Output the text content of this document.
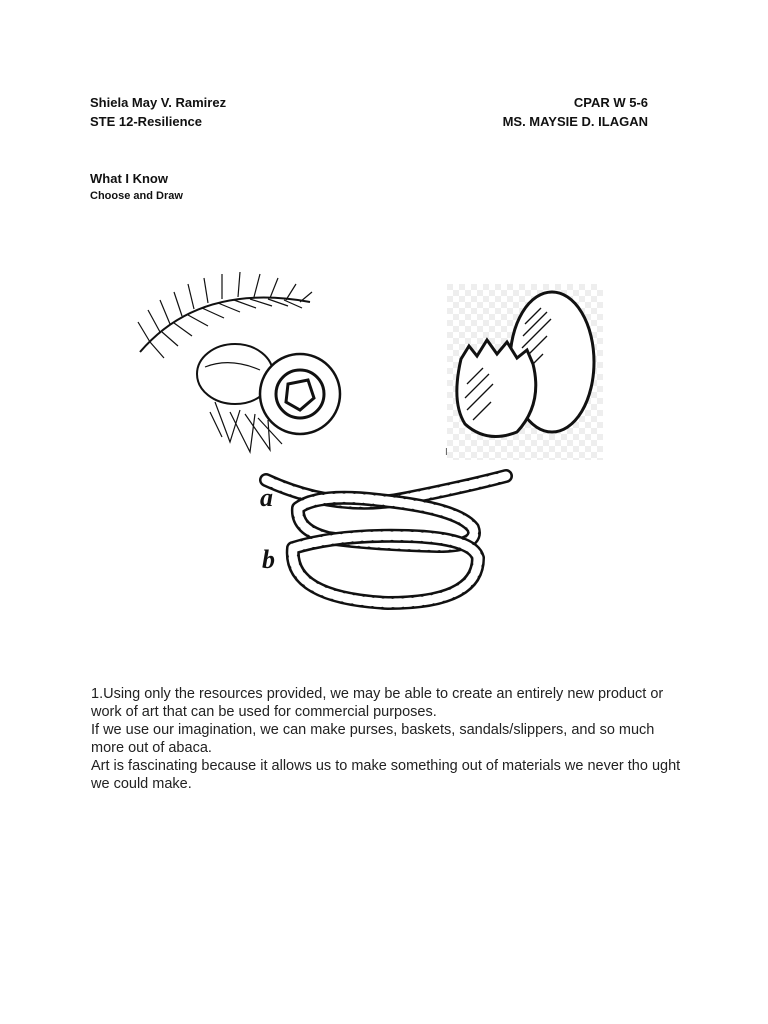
Shiela May V. Ramirez
STE 12-Resilience
CPAR W 5-6
MS. MAYSIE D. ILAGAN
What I Know
Choose and Draw
I
a
b

1.Using only the resources provided, we may be able to create an entirely new product or work of art that can be used for commercial purposes.

If we use our imagination, we can make purses, baskets, sandals/slippers, and so much more out of abaca.

Art is fascinating because it allows us to make something out of materials we never tho ught we could make.
